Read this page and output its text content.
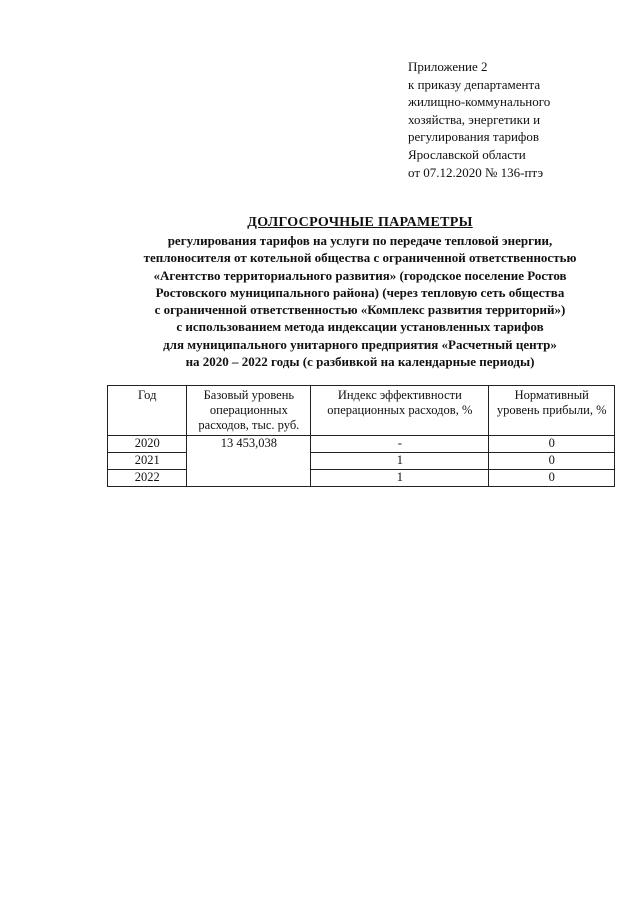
Приложение 2
к приказу департамента
жилищно-коммунального
хозяйства, энергетики и
регулирования тарифов
Ярославской области
от 07.12.2020 № 136-птэ
ДОЛГОСРОЧНЫЕ ПАРАМЕТРЫ
регулирования тарифов на услуги по передаче тепловой энергии,
теплоносителя от котельной общества с ограниченной ответственностью
«Агентство территориального развития» (городское поселение Ростов
Ростовского муниципального района) (через тепловую сеть общества
с ограниченной ответственностью «Комплекс развития территорий»)
с использованием метода индексации установленных тарифов
для муниципального унитарного предприятия «Расчетный центр»
на 2020 – 2022 годы (с разбивкой на календарные периоды)
Год	Базовый уровень операционных расходов, тыс. руб.	Индекс эффективности операционных расходов, %	Нормативный уровень прибыли, %
2020	13 453,038	-	0
2021		1	0
2022		1	0
